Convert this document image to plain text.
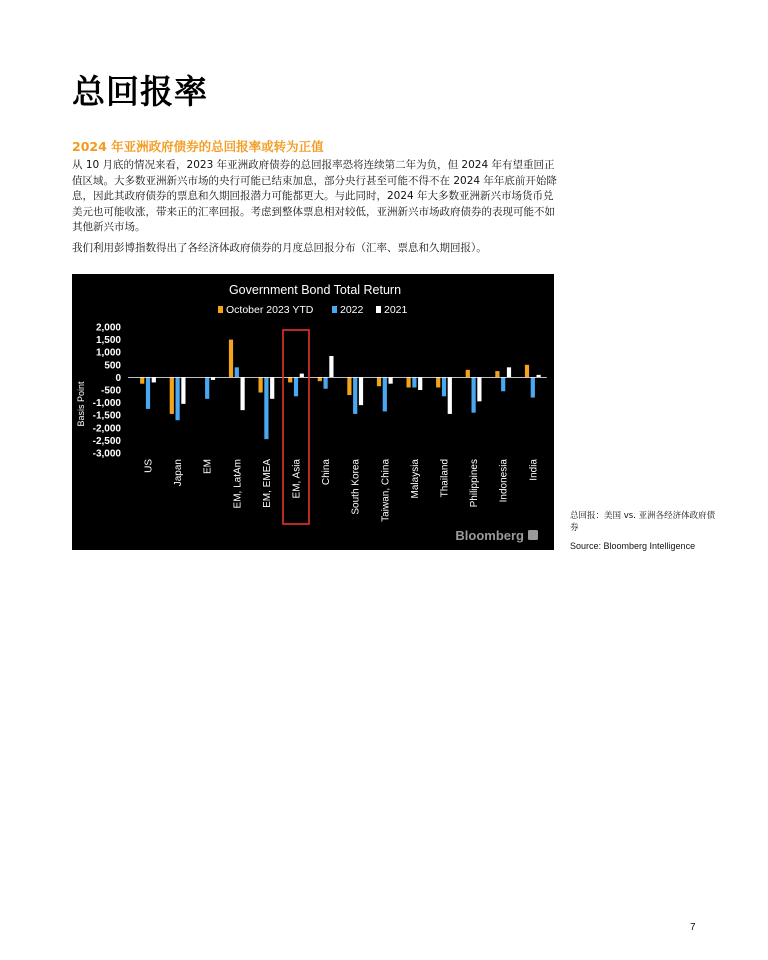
总回报率
2024 年亚洲政府债券的总回报率或转为正值

从 10 月底的情况来看，2023 年亚洲政府债券的总回报率恐将连续第二年为负，但 2024 年有望重回正值区域。大多数亚洲新兴市场的央行可能已结束加息，部分央行甚至可能不得不在 2024 年年底前开始降息，因此其政府债券的票息和久期回报潜力可能都更大。与此同时，2024 年大多数亚洲新兴市场货币兑美元也可能收涨，带来正的汇率回报。考虑到整体票息相对较低，亚洲新兴市场政府债券的表现可能不如其他新兴市场。

我们利用彭博指数得出了各经济体政府债券的月度总回报分布（汇率、票息和久期回报）。

Government Bond Total Return
October 2023 YTD	2022 2021
Basis Point
2,000
1,500
1,000
500
0
-500
-1,000
-1,500
-2,000
-2,500
-3,000
US Japan EM EM, LatAm EM, EMEA EM, Asia China South Korea Taiwan, China Malaysia Thailand Philippines Indonesia India
Bloomberg
总回报：美国 vs. 亚洲各经济体政府债券
Source: Bloomberg Intelligence
7
